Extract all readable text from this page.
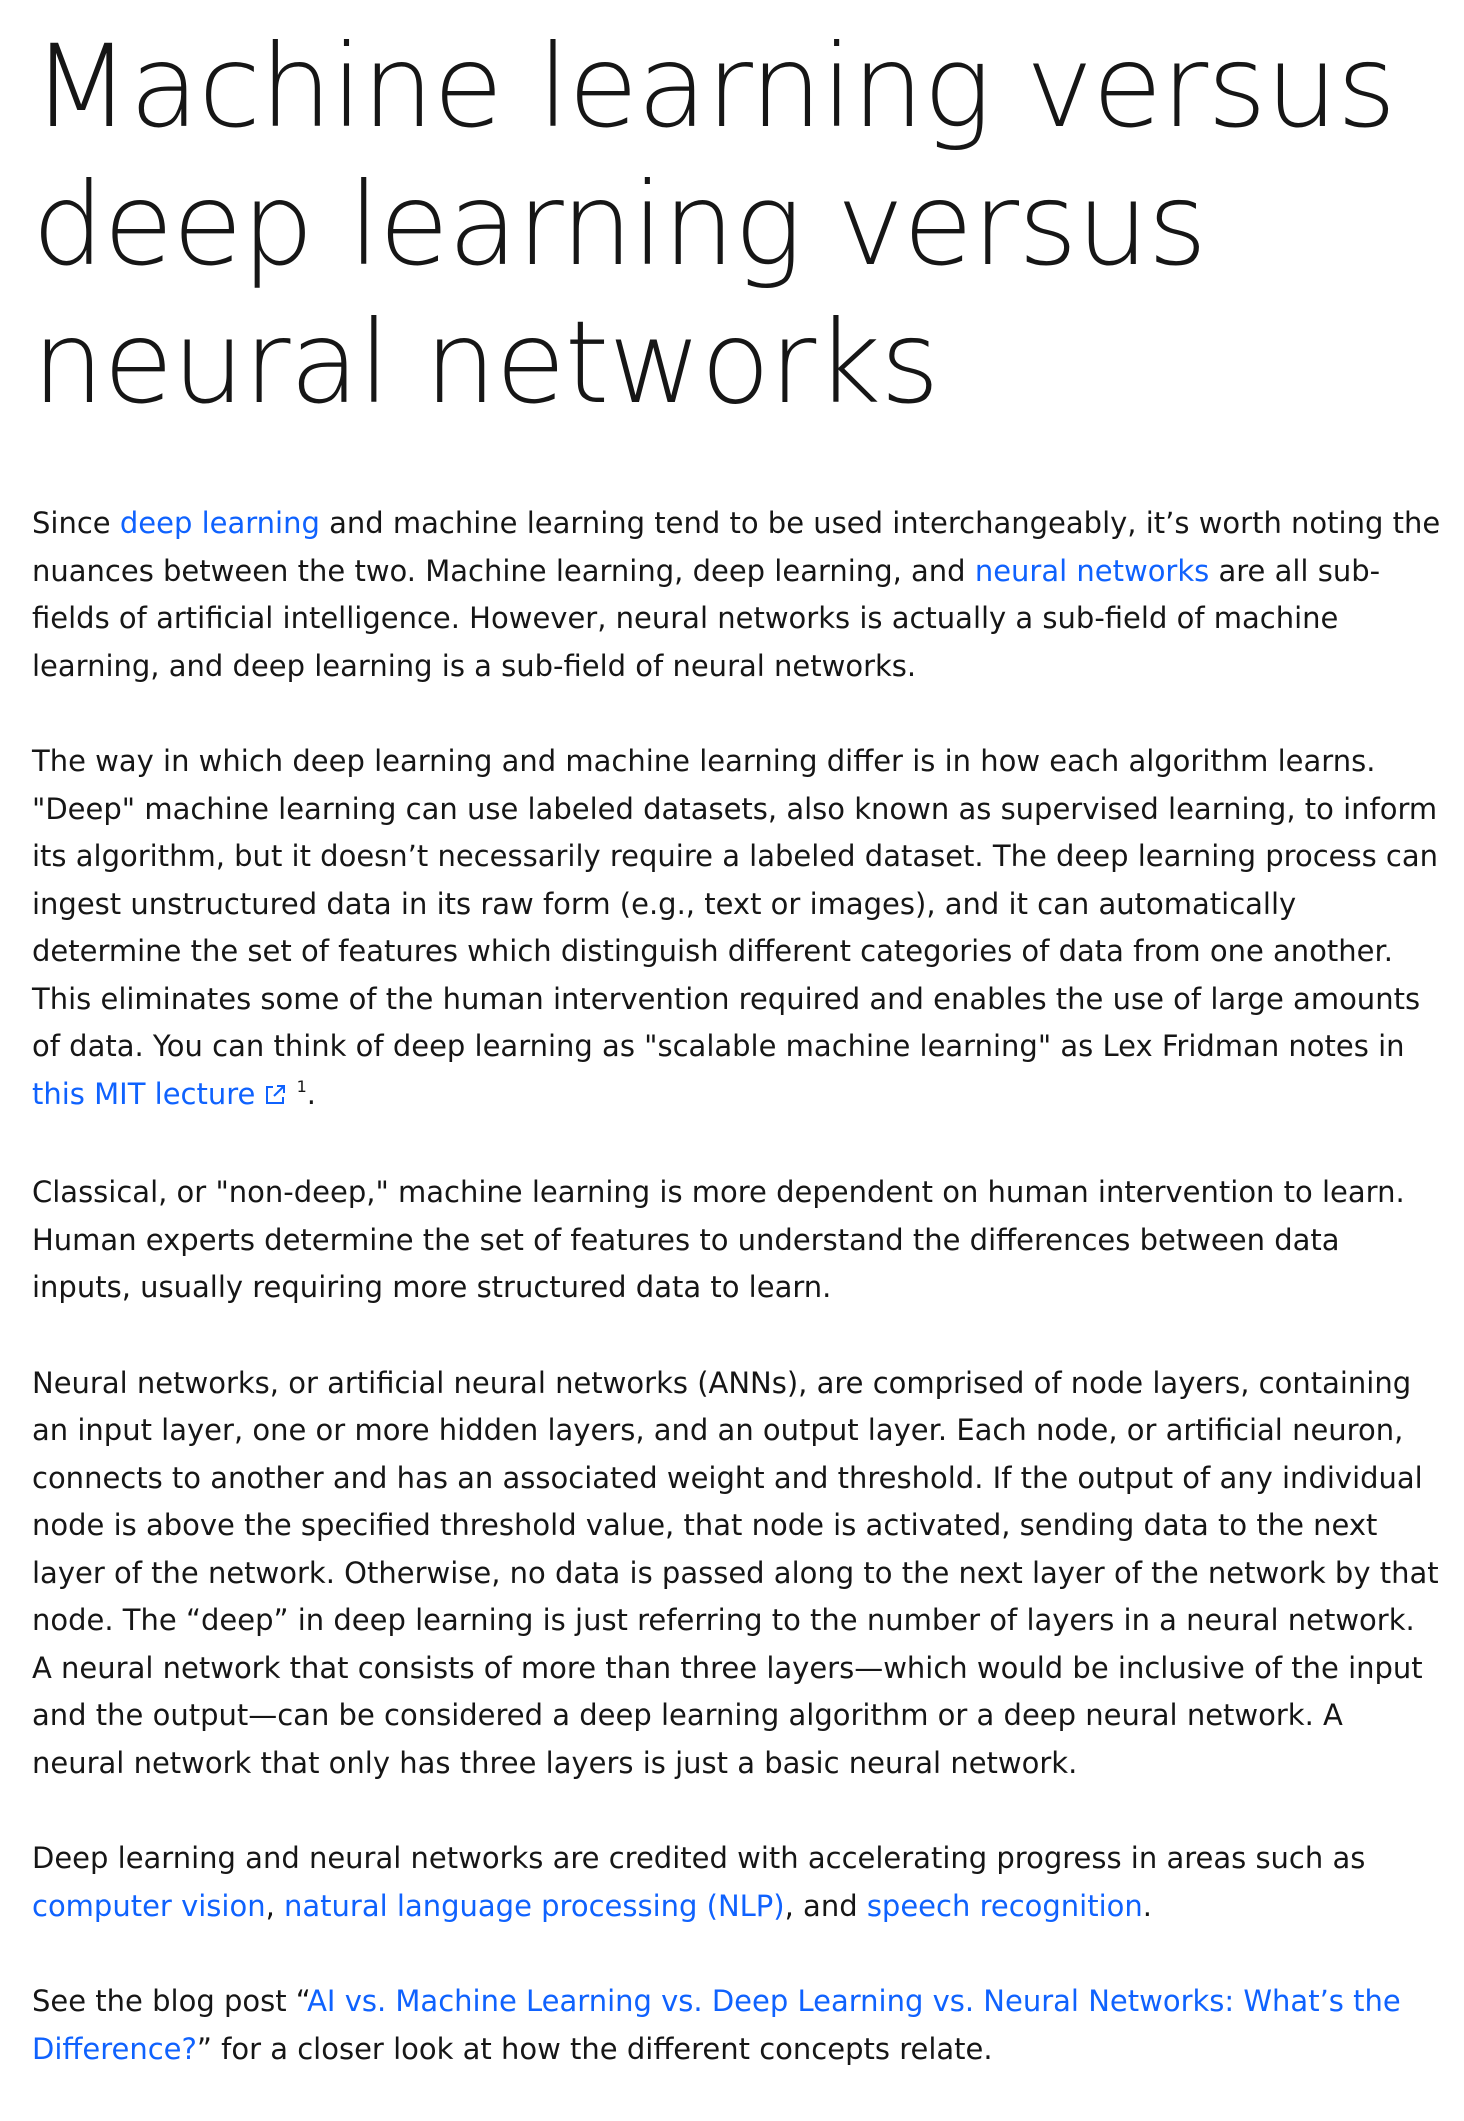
Machine learning versus deep learning versus neural networks

Since deep learning and machine learning tend to be used interchangeably, it’s worth noting the nuances between the two. Machine learning, deep learning, and neural networks are all sub-fields of artificial intelligence. However, neural networks is actually a sub-field of machine learning, and deep learning is a sub-field of neural networks.

The way in which deep learning and machine learning differ is in how each algorithm learns. "Deep" machine learning can use labeled datasets, also known as supervised learning, to inform its algorithm, but it doesn’t necessarily require a labeled dataset. The deep learning process can ingest unstructured data in its raw form (e.g., text or images), and it can automatically determine the set of features which distinguish different categories of data from one another. This eliminates some of the human intervention required and enables the use of large amounts of data. You can think of deep learning as "scalable machine learning" as Lex Fridman notes in this MIT lecture	$^1$.

Classical, or "non-deep," machine learning is more dependent on human intervention to learn. Human experts determine the set of features to understand the differences between data inputs, usually requiring more structured data to learn.

Neural networks, or artificial neural networks (ANNs), are comprised of node layers, containing an input layer, one or more hidden layers, and an output layer. Each node, or artificial neuron, connects to another and has an associated weight and threshold. If the output of any individual node is above the specified threshold value, that node is activated, sending data to the next layer of the network. Otherwise, no data is passed along to the next layer of the network by that node. The “deep” in deep learning is just referring to the number of layers in a neural network. A neural network that consists of more than three layers—which would be inclusive of the input and the output—can be considered a deep learning algorithm or a deep neural network. A neural network that only has three layers is just a basic neural network.

Deep learning and neural networks are credited with accelerating progress in areas such as computer vision, natural language processing (NLP), and speech recognition.

See the blog post “AI vs. Machine Learning vs. Deep Learning vs. Neural Networks: What’s the Difference?” for a closer look at how the different concepts relate.
